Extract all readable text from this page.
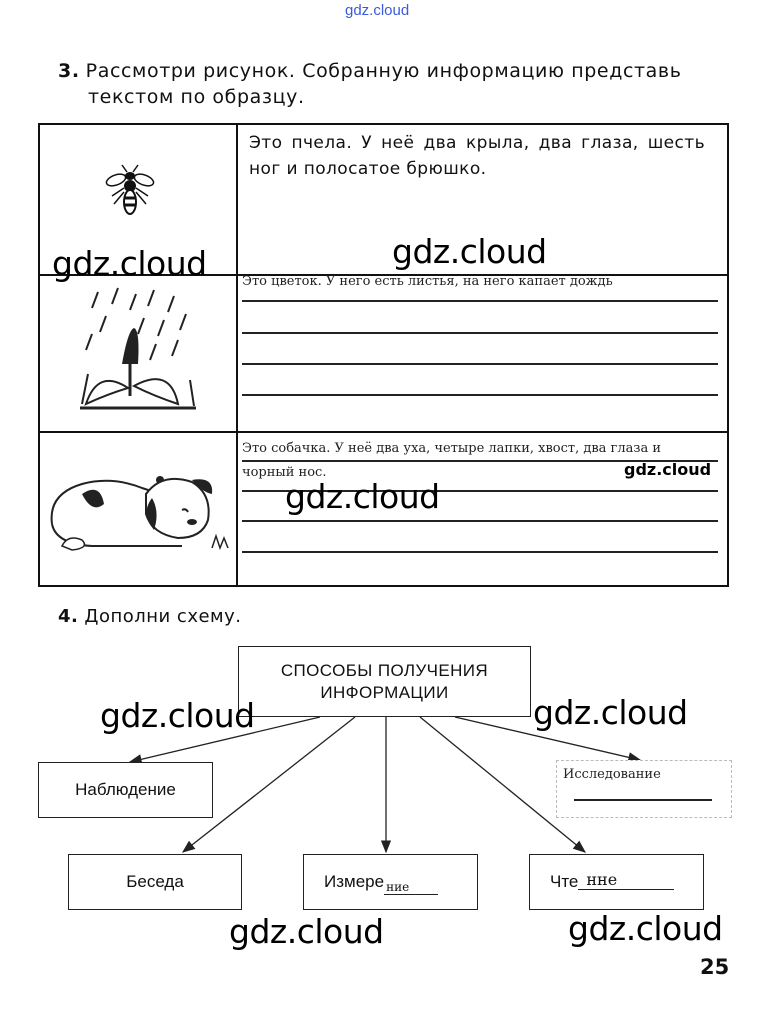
gdz.cloud
3. Рассмотри рисунок. Собранную информацию представь
текстом по образцу.
Это пчела. У неё два крыла, два глаза, шесть ног и полосатое брюшко.
Это цветок. У него есть листья, на него капает дождь
Это собачка. У неё два уха, четыре лапки, хвост, два глаза и
чорный нос.
4. Дополни схему.
СПОСОБЫ ПОЛУЧЕНИЯ
ИНФОРМАЦИИ
Наблюдение
Исследование
Беседа	Измере ние	Чте нне
gdz.cloud	gdz.cloud
gdz.cloud
gdz.cloud
gdz.cloud	gdz.cloud
gdz.cloud	gdz.cloud
25
